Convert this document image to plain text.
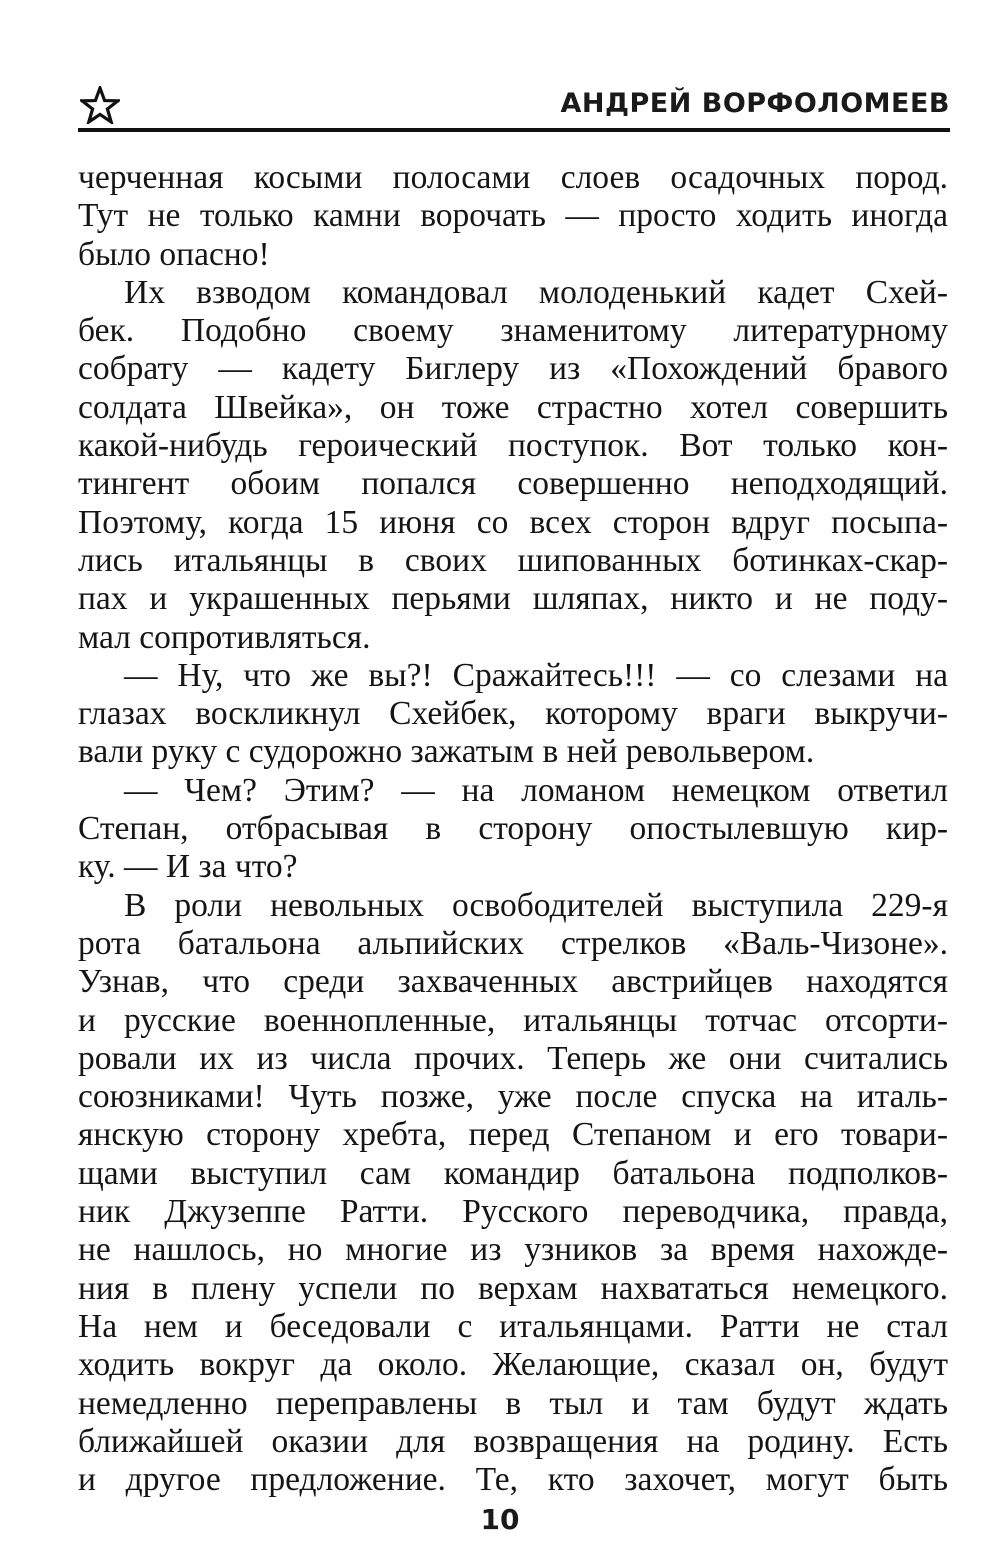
АНДРЕЙ ВОРФОЛОМЕЕВ
черченная косыми полосами слоев осадочных пород.
Тут не только камни ворочать — просто ходить иногда
было опасно!
Их взводом командовал молоденький кадет Схей-
бек. Подобно своему знаменитому литературному
собрату — кадету Биглеру из «Похождений бравого
солдата Швейка», он тоже страстно хотел совершить
какой-нибудь героический поступок. Вот только кон-
тингент обоим попался совершенно неподходящий.
Поэтому, когда 15 июня со всех сторон вдруг посыпа-
лись итальянцы в своих шипованных ботинках-скар-
пах и украшенных перьями шляпах, никто и не поду-
мал сопротивляться.
— Ну, что же вы?! Сражайтесь!!! — со слезами на
глазах воскликнул Схейбек, которому враги выкручи-
вали руку с судорожно зажатым в ней револьвером.
— Чем? Этим? — на ломаном немецком ответил
Степан, отбрасывая в сторону опостылевшую кир-
ку. — И за что?
В роли невольных освободителей выступила 229-я
рота батальона альпийских стрелков «Валь-Чизоне».
Узнав, что среди захваченных австрийцев находятся
и русские военнопленные, итальянцы тотчас отсорти-
ровали их из числа прочих. Теперь же они считались
союзниками! Чуть позже, уже после спуска на италь-
янскую сторону хребта, перед Степаном и его товари-
щами выступил сам командир батальона подполков-
ник Джузеппе Ратти. Русского переводчика, правда,
не нашлось, но многие из узников за время нахожде-
ния в плену успели по верхам нахвататься немецкого.
На нем и беседовали с итальянцами. Ратти не стал
ходить вокруг да около. Желающие, сказал он, будут
немедленно переправлены в тыл и там будут ждать
ближайшей оказии для возвращения на родину. Есть
и другое предложение. Те, кто захочет, могут быть
10
